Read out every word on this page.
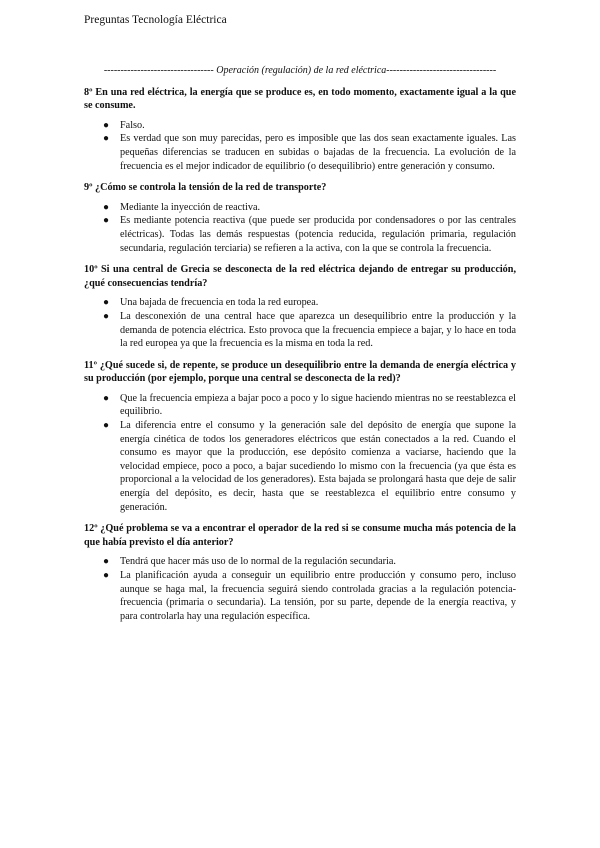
Preguntas Tecnología Eléctrica
--------------------------------- Operación (regulación) de la red eléctrica---------------------------------
8º En una red eléctrica, la energía que se produce es, en todo momento, exactamente igual a la que se consume.
● Falso.
● Es verdad que son muy parecidas, pero es imposible que las dos sean exactamente iguales. Las pequeñas diferencias se traducen en subidas o bajadas de la frecuencia. La evolución de la frecuencia es el mejor indicador de equilibrio (o desequilibrio) entre generación y consumo.
9º ¿Cómo se controla la tensión de la red de transporte?
● Mediante la inyección de reactiva.
● Es mediante potencia reactiva (que puede ser producida por condensadores o por las centrales eléctricas). Todas las demás respuestas (potencia reducida, regulación primaria, regulación secundaria, regulación terciaria) se refieren a la activa, con la que se controla la frecuencia.
10º Si una central de Grecia se desconecta de la red eléctrica dejando de entregar su producción, ¿qué consecuencias tendría?
● Una bajada de frecuencia en toda la red europea.
● La desconexión de una central hace que aparezca un desequilibrio entre la producción y la demanda de potencia eléctrica. Esto provoca que la frecuencia empiece a bajar, y lo hace en toda la red europea ya que la frecuencia es la misma en toda la red.
11º ¿Qué sucede si, de repente, se produce un desequilibrio entre la demanda de energía eléctrica y su producción (por ejemplo, porque una central se desconecta de la red)?
● Que la frecuencia empieza a bajar poco a poco y lo sigue haciendo mientras no se reestablezca el equilibrio.
● La diferencia entre el consumo y la generación sale del depósito de energía que supone la energía cinética de todos los generadores eléctricos que están conectados a la red. Cuando el consumo es mayor que la producción, ese depósito comienza a vaciarse, haciendo que la velocidad empiece, poco a poco, a bajar sucediendo lo mismo con la frecuencia (ya que ésta es proporcional a la velocidad de los generadores). Esta bajada se prolongará hasta que deje de salir energía del depósito, es decir, hasta que se reestablezca el equilibrio entre consumo y generación.
12º ¿Qué problema se va a encontrar el operador de la red si se consume mucha más potencia de la que había previsto el día anterior?
● Tendrá que hacer más uso de lo normal de la regulación secundaria.
● La planificación ayuda a conseguir un equilibrio entre producción y consumo pero, incluso aunque se haga mal, la frecuencia seguirá siendo controlada gracias a la regulación potencia-frecuencia (primaria o secundaria). La tensión, por su parte, depende de la energía reactiva, y para controlarla hay una regulación específica.
